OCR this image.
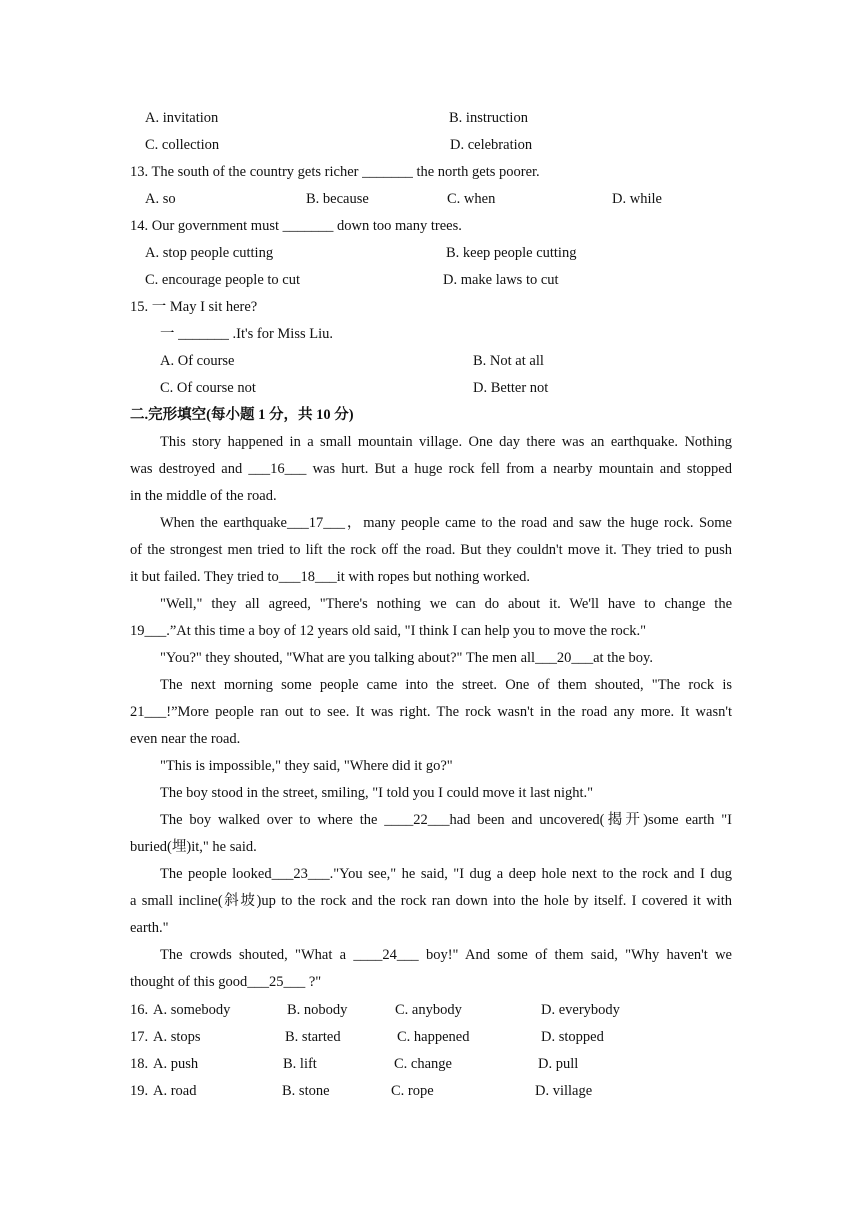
A. invitation	B. instruction
C. collection	D. celebration
13. The south of the country gets richer _______ the north gets poorer.
A. so	B. because	C. when	D. while
14. Our government must _______ down too many trees.
A. stop people cutting	B. keep people cutting
C. encourage people to cut	D. make laws to cut
15. 一 May I sit here?
一 _______ .It's for Miss Liu.
A. Of course	B. Not at all
C. Of course not	D. Better not
二.完形填空(每小题 1 分，共 10 分)
This story happened in a small mountain village. One day there was an earthquake. Nothing
was destroyed and ___16___ was hurt. But a huge rock fell from a nearby mountain and stopped
in the middle of the road.
When the earthquake___17___，many people came to the road and saw the huge rock. Some
of the strongest men tried to lift the rock off the road. But they couldn't move it. They tried to push
it but failed. They tried to___18___it with ropes but nothing worked.
"Well," they all agreed, "There's nothing we can do about it. We'll have to change the
19___.”At this time a boy of 12 years old said, "I think I can help you to move the rock."
"You?" they shouted, "What are you talking about?" The men all___20___at the boy.
The next morning some people came into the street. One of them shouted, "The rock is
21___!”More people ran out to see. It was right. The rock wasn't in the road any more. It wasn't
even near the road.
"This is impossible," they said, "Where did it go?"
The boy stood in the street, smiling, "I told you I could move it last night."
The boy walked over to where the ____22___had been and uncovered(揭开)some earth "I
buried(埋)it," he said.
The people looked___23___."You see," he said, "I dug a deep hole next to the rock and I dug
a small incline(斜坡)up to the rock and the rock ran down into the hole by itself. I covered it with
earth."
The crowds shouted, "What a ____24___ boy!" And some of them said, "Why haven't we
thought of this good___25___ ?"
16. A. somebody	B. nobody	C. anybody	D. everybody
17. A. stops	B. started	C. happened	D. stopped
18. A. push	B. lift	C. change	D. pull
19. A. road	B. stone	C. rope	D. village
